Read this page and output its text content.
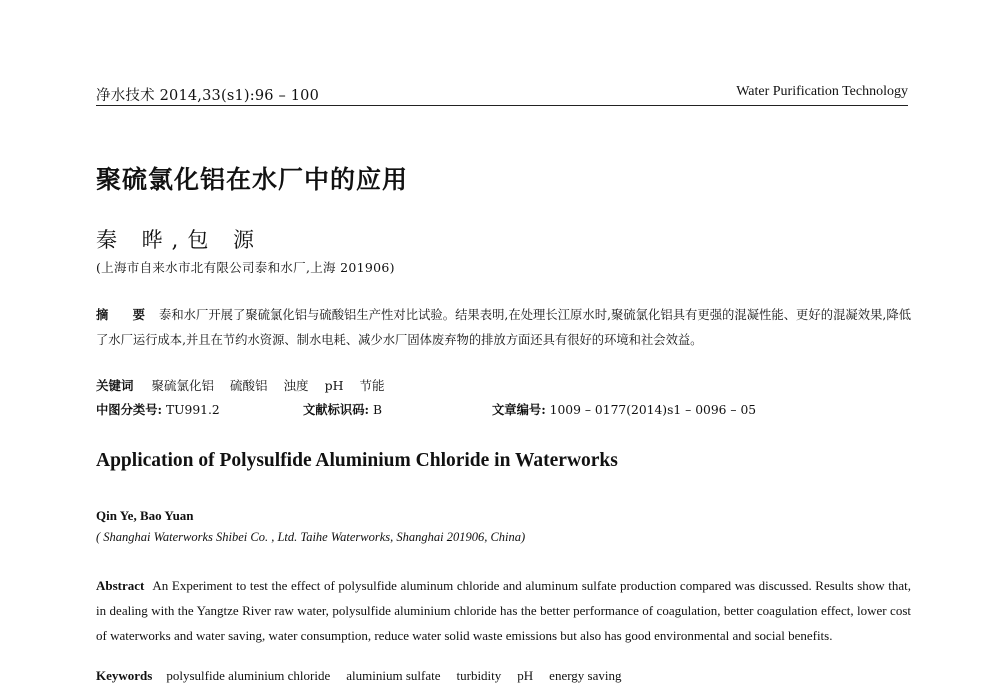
净水技术 2014,33(s1):96 – 100	Water Purification Technology
聚硫氯化铝在水厂中的应用
秦 晔,包 源
(上海市自来水市北有限公司泰和水厂,上海 201906)
摘 要 泰和水厂开展了聚硫氯化铝与硫酸铝生产性对比试验。结果表明,在处理长江原水时,聚硫氯化铝具有更强的混凝性能、更好的混凝效果,降低了水厂运行成本,并且在节约水资源、制水电耗、减少水厂固体废弃物的排放方面还具有很好的环境和社会效益。
关键词 聚硫氯化铝 硫酸铝 浊度 pH 节能
中图分类号: TU991.2	文献标识码: B	文章编号: 1009 – 0177(2014)s1 – 0096 – 05
Application of Polysulfide Aluminium Chloride in Waterworks
Qin Ye, Bao Yuan
( Shanghai Waterworks Shibei Co. , Ltd. Taihe Waterworks, Shanghai 201906, China)
Abstract An Experiment to test the effect of polysulfide aluminum chloride and aluminum sulfate production compared was discussed. Results show that, in dealing with the Yangtze River raw water, polysulfide aluminium chloride has the better performance of coagulation, better coagulation effect, lower cost of waterworks and water saving, water consumption, reduce water solid waste emissions but also has good environmental and social benefits.
Keywords polysulfide aluminium chloride aluminium sulfate turbidity pH energy saving
